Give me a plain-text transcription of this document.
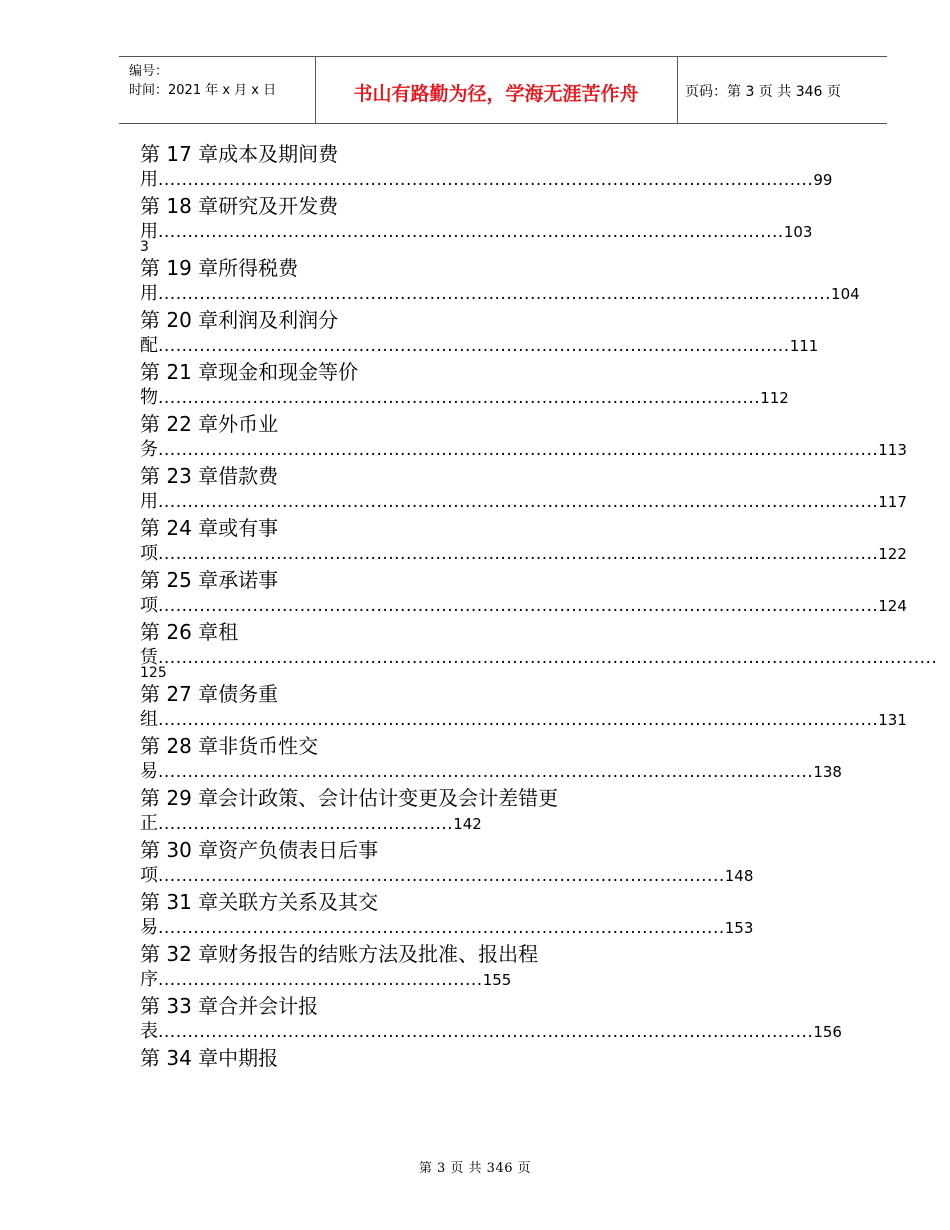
编号：
时间：2021 年 x 月 x 日	书山有路勤为径，学海无涯苦作舟	页码：第 3 页 共 346 页
第 17 章成本及期间费
用...............................................................................................................99
第 18 章研究及开发费
用..........................................................................................................103
3
第 19 章所得税费
用..................................................................................................................104
第 20 章利润及利润分
配...........................................................................................................111
第 21 章现金和现金等价
物......................................................................................................112
第 22 章外币业
务..........................................................................................................................113
第 23 章借款费
用..........................................................................................................................117
第 24 章或有事
项..........................................................................................................................122
第 25 章承诺事
项..........................................................................................................................124
第 26 章租
赁....................................................................................................................................
125
第 27 章债务重
组..........................................................................................................................131
第 28 章非货币性交
易...............................................................................................................138
第 29 章会计政策、会计估计变更及会计差错更
正..................................................142
第 30 章资产负债表日后事
项................................................................................................148
第 31 章关联方关系及其交
易................................................................................................153
第 32 章财务报告的结账方法及批准、报出程
序.......................................................155
第 33 章合并会计报
表...............................................................................................................156
第 34 章中期报
第 3 页 共 346 页
